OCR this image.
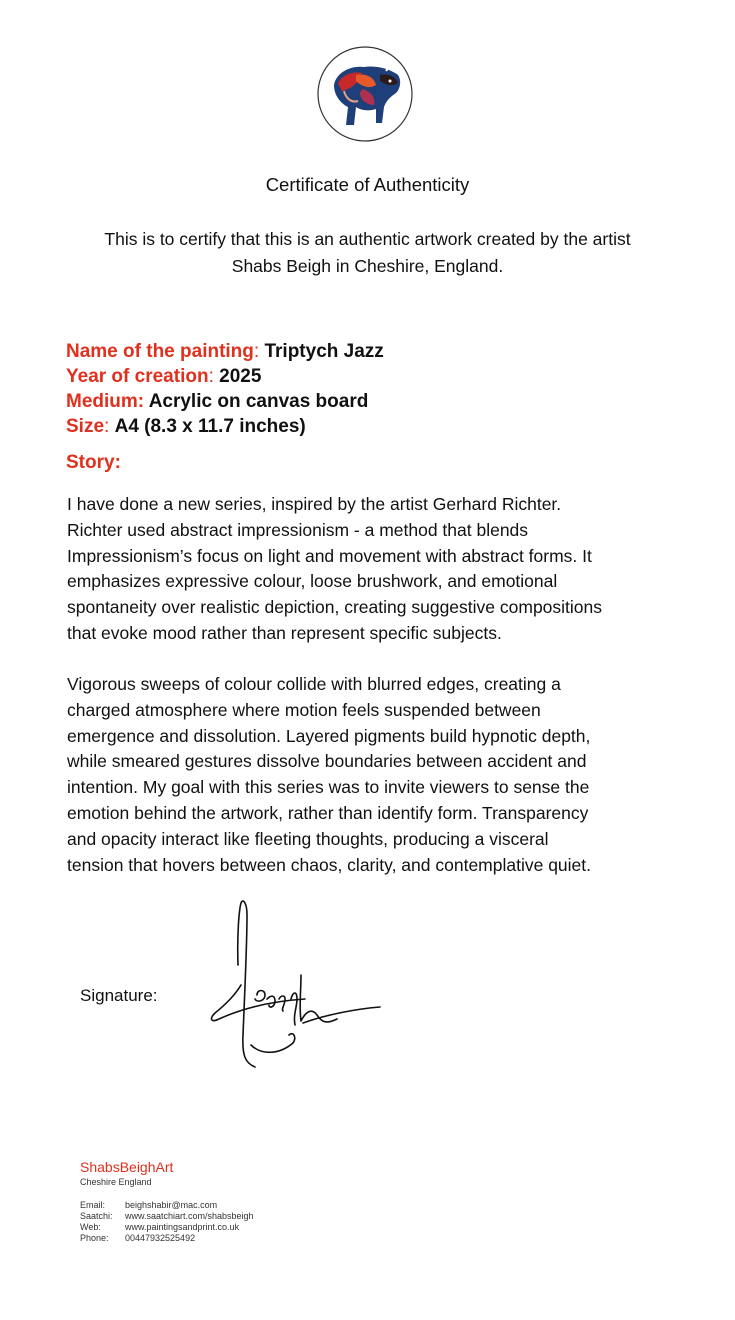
Certificate of Authenticity
This is to certify that this is an authentic artwork created by the artist
Shabs Beigh in Cheshire, England.
Name of the painting: Triptych Jazz
Year of creation: 2025
Medium: Acrylic on canvas board
Size: A4 (8.3 x 11.7 inches)
Story:
I have done a new series, inspired by the artist Gerhard Richter.
Richter used abstract impressionism - a method that blends
Impressionism’s focus on light and movement with abstract forms. It
emphasizes expressive colour, loose brushwork, and emotional
spontaneity over realistic depiction, creating suggestive compositions
that evoke mood rather than represent specific subjects.
Vigorous sweeps of colour collide with blurred edges, creating a
charged atmosphere where motion feels suspended between
emergence and dissolution. Layered pigments build hypnotic depth,
while smeared gestures dissolve boundaries between accident and
intention. My goal with this series was to invite viewers to sense the
emotion behind the artwork, rather than identify form. Transparency
and opacity interact like fleeting thoughts, producing a visceral
tension that hovers between chaos, clarity, and contemplative quiet.
Signature:
ShabsBeighArt
Cheshire England
Email:	beighshabir@mac.com
Saatchi:	www.saatchiart.com/shabsbeigh
Web:	www.paintingsandprint.co.uk
Phone:	00447932525492
